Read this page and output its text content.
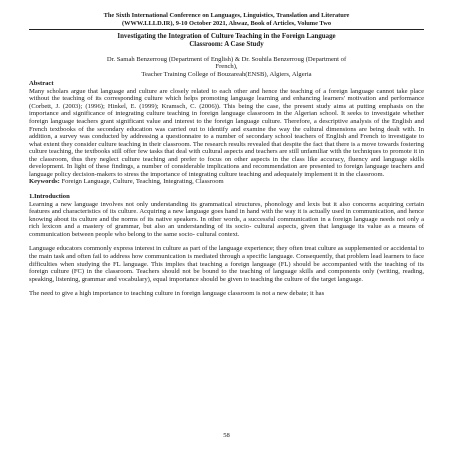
The Sixth International Conference on Languages, Linguistics, Translation and Literature
(WWW.LLLD.IR), 9-10 October 2021, Ahwaz, Book of Articles, Volume Two
Investigating the Integration of Culture Teaching in the Foreign Language
Classroom: A Case Study
Dr. Samah Benzerroug (Department of English) & Dr. Souhila Benzerroug (Department of
French),
Teacher Training College of Bouzareah(ENSB), Algiers, Algeria
Abstract

Many scholars argue that language and culture are closely related to each other and hence the teaching of a foreign language cannot take place without the teaching of its corresponding culture which helps promoting language learning and enhancing learners' motivation and performance (Corbett, J. (2003); (1996); Hinkel, E. (1999); Kramsch, C. (2006)). This being the case, the present study aims at putting emphasis on the importance and significance of integrating culture teaching in foreign language classroom in the Algerian school. It seeks to investigate whether foreign language teachers grant significant value and interest to the foreign language culture. Therefore, a descriptive analysis of the English and French textbooks of the secondary education was carried out to identify and examine the way the cultural dimensions are being dealt with. In addition, a survey was conducted by addressing a questionnaire to a number of secondary school teachers of English and French to investigate to what extent they consider culture teaching in their classroom. The research results revealed that despite the fact that there is a move towards fostering culture teaching, the textbooks still offer few tasks that deal with cultural aspects and teachers are still unfamiliar with the techniques to promote it in the classroom, thus they neglect culture teaching and prefer to focus on other aspects in the class like accuracy, fluency and language skills development. In light of these findings, a number of considerable implications and recommendation are presented to foreign language teachers and language policy decision-makers to stress the importance of integrating culture teaching and adequately implement it in the classroom.

Keywords: Foreign Language, Culture, Teaching, Integrating, Classroom

1.Introduction

Learning a new language involves not only understanding its grammatical structures, phonology and lexis but it also concerns acquiring certain features and characteristics of its culture. Acquiring a new language goes hand in hand with the way it is actually used in communication, and hence knowing about its culture and the norms of its native speakers. In other words, a successful communication in a foreign language needs not only a rich lexicon and a mastery of grammar, but also an understanding of its socio- cultural aspects, given that language its value as a means of communication between people who belong to the same socio- cultural context.

Language educators commonly express interest in culture as part of the language experience; they often treat culture as supplemented or accidental to the main task and often fail to address how communication is mediated through a specific language. Consequently, that problem lead learners to face difficulties when studying the FL language. This implies that teaching a foreign language (FL) should be accompanied with the teaching of its foreign culture (FC) in the classroom. Teachers should not be bound to the teaching of language skills and components only (writing, reading, speaking, listening, grammar and vocabulary), equal importance should be given to teaching the culture of the target language.

The need to give a high importance to teaching culture in foreign language classroom is not a new debate; it has

58
